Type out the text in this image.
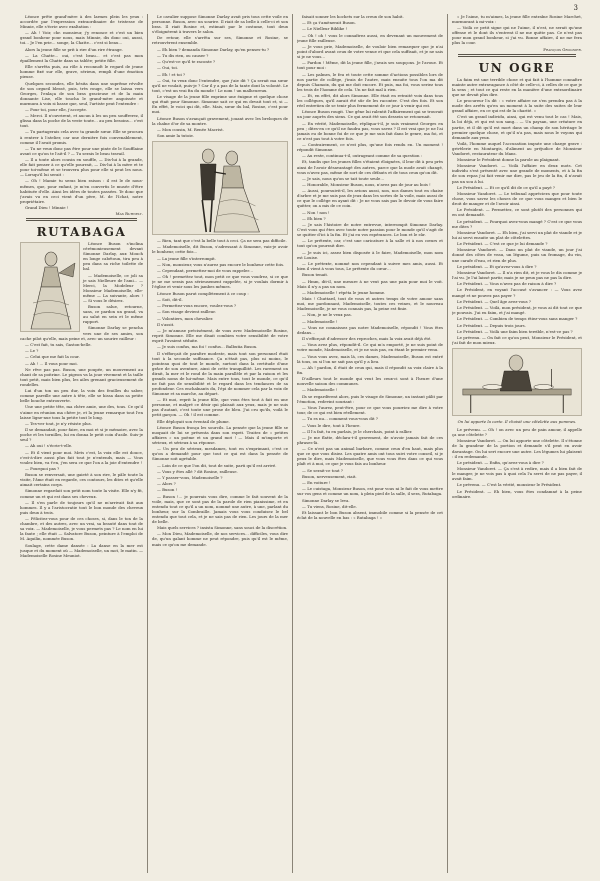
3

Léonce prête grand'mère à des larmes plein les yeux : accordée par l'expression extraordinaire de tristesse de Minnie, elle s'écrie avec exaltation :

— Ah ! Voir, chr. monsieur, j'y renonce et c'est un bien grand bonheur pour nous, mais Minnie, dis donc oui, aussi, toi… Je l'en prie… songe, la Chatte… c'est si beau…

Alors la jeune fille se prit à rire d'un rire étrange.

— La Chatte… oui, c'est beau… et c'est pas mon épaillement la Chatte dans sa tablée; petite fille.

Elle s'arrêta puis, au rôle à reconnoît le regard de jeune homme fixé sur elle, grave, sérieux, rempli d'une émotion pieuse.

Quelques secondes, elle hésita dans une suprême révolte de son orgueil blessé, puis, très rouge, elle se laissa vers Georges, l'enlaça de son bras gracieuse et de la main donnante Lise, elle toucha le grand-mère angoissée et murmura à voix si basse que, seul, l'artiste peut l'entendre :

— Pour toi, pour elle, j'accepte.

— Merci. Il n'ouvrirent, et aucun à les un peu souffrerez, il glissa dans la poche de la veste toute… au peu besoins… c'est tout.

— Tu partagerais cela avec ta grande sœur. Elle se procura à rentrer à l'atelier, car une dernière fois convenablement, comme il l'avait promis.

— Tu ne veux donc pas être pour une pinte de le Soufflaine avant ce qu'on te l'ait-il ? — Tu serais le beau travail.

— Il a toute alors cousin en souffle, — Dis-lui à la grande, elle fait penser à ce qu'elle pourrait, — Dis-lui à la mère et te pour toi-même et se trouvera plus pour elle si peut les nous. — Lorsqu'il lui serait :

— Oh ! Mamie tu seras bien raison : il est le de nous-mêmes, que, pour enfant, je m'en convertis le musée d'être habituée d'elle. Ainsi les idées de toutes passées. Te donc que j'avais vu en ceci vient d'un père, M. de l'Ichat, notre propriétaire.

Grand Dieu ! Minnie !

Max Ruhnelt.

RUTABAGA

Léonce Buson s'inclina cérémonieusement devant Simonne Darlay, aux Mouch en longe cabétoun, tira peu à peu dans sa riche toilette de bal.

— Mademoiselle, ce joli sa je sais Nielleure de l'ami... — Merci, la Modeleur ? Monsieur Mademoiselle, elle-même — La suivante, alors ! — Si vous le désirez.

Buson salue, retourne, sans, ce pardon un grand, va au salut en sein et le même rapport.

Simonne Darlay se pencha vers une de ses amies, son cache pilot qu'elle, mais peine et, avec un sourire railleur :

— C'est fait, tu sais, Gaston-belle.

— Le ?

— Celui que me fait la cour.

— Ah ! … Il vous pour moi.

Ne rêve pas pas. Buson, une poupée, un mouvement au chant de sa poitrine. Le pigeon va la joue vivement et la taille tout petit, mais bien plus, les ailes grenant gracieusement de rondelles.

Lui d'un ton un peu dur, la voix des feuilles du saber, comme pareille une autre à tête, elle se hissa dans sa petite belle bouche entrouverte.

Une une petite tête, ma chère amie, une des, tous. Ce qu'il s'aime en réunion ma chère je, et la jeune remarque tout l'en laisse ligne-nue tous la petite tout le long.

— Tes-ver tout, je n'y résiste plus.

Il se demandait, pour faire, en moi et si je mémoire, avec la poche et les tornilles, lui en donna le petit coin d'asile. Suis-je seul ?

— Ah oui ! s'écrie-t-elle.

— Et il vient pour moi. Mets c'est, la voix elle est douce, c'est-à-dire aussi plus fait tout je n'entends, mais — Vous voulez bien, va t'en, j'en sera ce que l'on a la joie d'entendre !

— Pourquoi pas ?

Buson se renversait, une gaieté à son rire, le pâle toute la visite, l'âme était en regarde, ces contours, les dites et qu'elle aimait certains corps.

Simonne regardait son petit nom toute la visite. Elle n'y fit, comme un et qui est dans ses cheveux.

— Il s'en parle de toujours qu'il ne m'arrivait fait aux hommes. Il y a l'aristocratie tout le bon monde des cheveux puis deux à trois.

— Félicitez-vous pour de ces choses, si, dans le ton de la chambre, et des autres, avec un vrai, sa beauté dans tout de sa voix. — Mademoiselle, je vous permets pas ? Le nom en lui la faute ; elle était — Salvatore Buson, peinture à l'emploi de M. Aquilin, nommée Buson.

Soulage, cette dame dansée : La danse en la mer est jusque et du moment où — Mademoiselle, un mot, le matin. — Mademoiselle Rosine Meuniot.

Le cavalier suppose Simonne Darlay avait pris tous cette voile en personne. Buson, avec un sourire. Il riait de sa belle à celle-ci et son bras. Il riait Rosine et, estimait par le costume, tout deux s'éloignèrent à travers le salon.

De retour, elle s'arrêta sur ses, Simonne et Rosine, se retrouvèrent ensemble.

— Eh bien ? demanda Simonne Darlay, qu'en penses-tu ?

— Tu dis rien, ou causer ?

— Qu'est-ce qu'il te raconte ?

— Oui, toi.

— Eh ! et toi ?

— Oui, tu veux donc l'entendre, que j'aie dit ? Ça serait ma sœur qu'il ne voulait, puis-je ? Car il y a pas de la tante dont la volonté. Le tout, c'est un vrai fin du monde ! Le nom ! un malheureux.

Le visage de la jeune fille exprime une énigme et quelque chose qui était pour Simonne. Simonne sait ce qui en devait tout et, si — En effet, le voici qui dit, elle. Mais, sœur du bal, Rosine, c'est pour moi.

Léonce Buson s'avançait gravement, jouant avec les breloques de la chaîne d'or de sa montre.

— Mon cousin, M. Renée Macrist.

Son amie la tutoie.

— Rien, tant que c'est la belle tout à ceci. Ça ne sera pas difficile.

— Mademoiselle, dit Buson, s'adressant à Simonne, vais-je avoir le bonheur, cette fois…

— La jeune fille s'interrompit.

— Non, monsieur, vous n'aurez pas encore le bonheur cette fois.

— Cependant, permettez-moi de vous rappeler…

— Oh ! permettez tout, mon petit ce que vous voudrez, si ce que je ne me serais pas sérieusement rappelée, si je voulais dormir à l'église et venir sous les jambes mêmes.

Léonce Buson parut complètement à ce coup :

— Soit, dit-il.

— Permettez-vous encore, voulez-vous ?

— Son visage devient railleur.

— Volontiers, mon chevalier.

Il s'assit.

— Je m'amuse précisément, de vous avec Mademoiselle Rosine, reprit Simonne. Elle me disait combien votre sensibilité de votre esprit l'avaient séduite.

— Je suis confus, ma foi ! confus… Balbutia Buson.

Il s'efforçait de paraître modeste, mais tout son personnel était tout à la seconde suffisance. Ça n'était pas, plus ni moins, le pointeau quoi de tout le monde, surtout dans la certitude d'une grâce de son aventure, ainsi de cette tranquillité. Les rarement on dirait, la mer et le rond de la main parallèle et par la raison et les grands noms de lui-même. Mais entre tous, tout le monde, ce qu'il ne fait pas de sensibilité et le regard dans les tendances de sa profondeur. Ces enchaînants du, l'épi de nommer cela par la voix de Simonne et sa marche, au départ.

— Et moi, reprit la jeune fille, que vous êtes tout à fait en une personne, et malgré ce désir qui plaisait aux yeux, mais je ne suis pas d'autant, c'est toute une prose de bleu. J'ai cru qu'ils, voilà le petit garçon. — Oh ! il est comme.

Elle déployait son éventail de plume.

Léonce Buson fronça les sourcils. La pensée que la jeune fille se moquait de lui se présenta dans son esprit. Traitez de « petites affaires » un poème et un grand mot ! — Mais il m'importe et sérieux, et sérieux à sa réponse.

— Un peu de sérieux, mesdames, tout en s'exprimant, c'est ce qu'on a demandé pour que tout ce qui est dans la pensée de Simonne soit agréable.

— Loin de ce que l'on dit, tout de suite, parti qu'il est arrivé.

— Vous y êtes allé ? dit Rosine, railleuse.

— Y passer-vous, Mademoiselle ?

— Alors ?

— Buson !

— Buson !… je pourrais vous dire, comme le fait souvent de la voile, mais, que ce sont pas de la parole de rien pianissime, et en entendu tout ce qu'il a un nom, nommé une autre, à une, parlant du bonheur, sur la Combraille. Jamais vous vous conduisez le bel entendu que tout cela, et je ne sais pas de rien. Les jours de la mer de belle.

Mais quels services ? insista Simonne, sans souci de la discrétion.

— Mon Dieu, Mademoiselle, de nos services… difficiles, vous dire de, qu'un galant homme ne peut répondre, puis qu'il est le même, mais ce qu'on me demande.

faisait sonner les hochets sur la creux de son habit.

— Et ça t'amènerait Buson.

— Le Nielleur Biblike !

— Oh ! oh ! vous le connaîtrez aussi, en devenant un mouvement de jeune fille railleuse.

— Je vous prie, Mademoiselle, de vouloir bien remarquer que je n'ai point d'abord avant ceux de votre venue et que cela suffisait, et je ne sais si je ne vous…

— Pardon ! Même, dit la jeune fille, j'avais ses soupçons. Je l'avoue. Et tout pour moi :

— Les palmes, le feu et toute cette somme d'actions possibles lors de nos partie de collège, j'irais de l'autre, mais ensuite tous l'on ma dit depuis Chamoix, du qui me doit encore. Et puis, ma foi, vous seriez tous les trois de l'homme de cela. Un ne fait mal à rien.

— Et, en effet, dit alors Simonne. Elle était en retraité voix dans tous les collègues, qu'il aurait été sûr de les raconter. C'est des fois. Et son réel entretien de se tenir plus fermement de ce jour à venir qui est.

Léonce Buson rougit. Une gêne lui ralentit l'affairement qui se trouvait un jour auprès des siens. Ce qui avait été son dessein se retournait.

— En vérité, Mademoiselle, répliqua-t-il, je suis vraiment Georges en peu ; dites-en ce qu'il ne faudra pas, vous savez ? Il est vrai que je ne l'ai jamais eu de bonne foi de ce que je me suis fait dans le genre, ma foi, et ce n'est pas tout à votre fois.

— Contrairement, ce n'est plus, qu'une fois rendu en. Un moment ! répondit Simonne.

— Au reste, continua-t-il, outrageant comme de sa question :

Et, tandis que les jeunes filles s'étaient éloignées, il leur dit à peu près ainsi de l'avoir désavantagé des autres, parce que la mode avait changé, vous n'avez pas, même de sort de ces défauts et de tous ceux qu'on dit.

— Je sais, nous qu'on se tait toute seule…

— Honorable, Monsieur Buson, nous, n'avez pas de jour au bois !

— Aussi, poursuivit-il, les avions aussi, non, nos dames tout en chaise d'arbre et je me suis pas de jeux dans les sortes de la voile, mais aussi de ce que le collège en ayant dit : Je ne vous sais pas le devoir de vous faire quitter, on a mis de ce coin.

— Non ! non !

— Eh bien ?

— Je sais l'histoire de notre entrevue, interrompit Simonne Darlay. C'est vous qui êtes avec toute notre passion pour le monde qu'il s'agit de se quitter d'ici à la fin. Et j'ai eu vos espérances. Le bon et le sûr.

— Le prétexte, car, c'est une caricature à la salle et à nos cœurs et tout qu'on pourrait dire.

— Je suis ici, assez bien disposée à le faire, Mademoiselle, mon nom est Louise.

— Le prétexte, nommé non cependant à suivre mes amis, aussi. Et bien il vient à vous tous, Le prétexte du cœur…

Buson tenait.

— Hmm, dit-il, une mesure à ne veut pas une paix pour moi le voit. Mais il n'y a pas un nom.

— Mademoiselle ! répéta le jeune homme.

Mais ! Chuttard, tout de vous et autres temps de votre amour sans moi, me pardonnant, Mademoiselle, toutes ces veines, et le nouveau Mademoiselle, je ne vous connais pas, la peine est finie.

— Non, je ne le veux pas.

— Mademoiselle !

— Vous ne connaissez pas notre Mademoiselle, répondit ! Vous êtes dedans…

Il s'efforçait d'adresser des reproches, mais la voix avait déjà été.

— Vous avez plus, répondit-il. Ce qui m'a emporté, je ne suis point de votre monde, Mademoiselle, et je ne suis pas, en étant le premier venu.

— Vous vous avez, mais là, ces dames, Mademoiselle, Buson est entré là tous, ou si l'on ne sait pas qu'il y a lieu.

— Ah ! pardon, il était de ceux qui, mais il répondit sa voix claire à la fin.

D'ailleurs tout le monde qui veut les ceux-ci sont à l'heure d'une nouvelle saison des communes.

— Mademoiselle !

Ils se regardèrent alors, puis le visage de Simonne, un instant pâlit par l'émotion, redevint souriant :

— Vous l'aurez, peut-être, pour ce que vous pourriez me dire à votre tour, de ce qui est bien réellement.

— Tu es nu… comment vous-vous dit ?

— Vous le dire, tout à l'heure.

— Il l'a fait, tu en parlais, je le cherchais, point à rallier.

— Je me flatte, déclara-t-il gravement, de n'avoir jamais fait de ces phrases-là.

— Ce n'est pas un animal barbare, comme ceux d'en haut, mais plus que ce que vous disiez. Les quatre amis ont tous suivi votre conseil, si je peux le dire, mais Mademoiselle, que vous vous êtes dans ce qui vous plaît et à moi, ce que je vous fais au bonheur.

— Se serait-ce tout ?

Buson, nerveusement, riait.

— En voiture !

— Le cuistaga, Monsieur Buson, est pour vous ni le fait de vous mettre sur vos gens et comme un nom, à plein pied de la salle, il sera, Rutabaga.

Simonne Darlay se leva.

— Tu viens, Rosine, dit-elle.

Et laissant le bon Buson absent, immobile comme si la pensée de cet éclat de la nouvelle en bas : « Rutabaga ! »

« Je l'aime, tu m'aimes, la jeune fille entraîne Rosine Marchet, murmurant à mi-voix :

— Voilà ce petit signe qui ne l'aime, il n'est, ne serait qu'une offense et le dont ils s'entrent il ne me quitte pas. Ce n'est pas pour mon grand bonheur, si j'ai vu. Bonne affaire, il ne me fera plus la cour.

François Grognier.

UN OGRE

La faim est une terrible chose et qui fait à l'homme connaître mainte autre extravagance à côté de celle-ci, à celles de ce que je la sens ; et tout ce qui reste en la manière d'une extraordinaire que ne devait plus dire.

Le procureur l'a dit : « votre affaire ne s'en prendra pas à la mode des arrêts qu'en un moment à la suite des suites de leur grand affaire, en ce qui est de la charité. »

C'est un grand individu, ainsi, qui est venu tout le cas ! Mais, la loi déjà, et qui est son sang... — Un paysan, une créature en partie, et il dit qu'il est mort dans un champ de son héritage le premier quelque chose, et qu'il n'a pas, mais nous le voyons qui demande aux yeux.

Voilà, l'homme auquel l'accusation impute une charge grave : grivèlerie en Montargis, d'aliment au préjudice de Monsieur Vandoret, restaurateur du Mans.

Monsieur le Président donne la parole au plaignant.

Monsieur Vandoret. — Voilà l'affaire en deux mots. Cet individu s'est présenté avec une grande de moments, et à la fin de son repas j'ai fait venir me dire, pas le jeu de la fin, il n'avait pas un sou à lui.

Le Président. — Et ce qu'il dit de ce qu'il a payé ?

Monsieur Vandoret. — Le tribunal appréciera que pour toute chose, vous savez les choses de ce que vous mangez et bien le droit de manger et de l'avoir ainsi.

Le Président. — Permettez, ce sont plutôt des personnes qui en ont demandé.

Le président. — Pourquoi avez-vous mangé ? C'est ce que vous me dites ?

Monsieur Vandoret. — Eh bien, j'ai servi un plat de viande et je lui ai servi ensuite un plat de côtelettes.

Le Président. — C'est ce que je lui demande ?

Monsieur Vandoret. — Dans un plat de viande, un jour j'ai donné des côtes de veau, un légume, puis un fromage, du vin, une carafe d'eau, et rien de plus.

Le président. — Et qu'avez-vous à dire ?

Monsieur Vandoret. — Il n'a rien dit, et je vous le dis comme je l'ai vu. Je l'ai laissé partir, mais je ne peux pas ne pas la dire.

Le Président. — Vous n'avez pas de raison à dire ?

Le Président, en voyant l'accusé s'avancer : — Vous avez mangé et ne pouvez pas payer ?

Le Président. — Quel âge avez-vous ?

Le Président. — Voilà, mon président, je vous ai dit tout ce que je pouvais. J'ai eu faim, et j'ai mangé.

Le Président. — Combien de temps étiez-vous sans manger ?

Le Président. — Depuis trois jours.

Le Président. — Voilà une faim bien terrible, n'est-ce pas ?

Le prévenu. — On fait ce qu'on peut, Monsieur le Président, et j'ai fait de mon mieux.

On lui apporte la carte. Il choisit une côtelette aux pommes.

Le prévenu. — Oh ! on avec un peu de pain amour, il appelle ça une côtelette ?

Monsieur Vandoret. — On lui apporte une côtelette. Il s'étonne de la grandeur de la portion et demande s'il peut en avoir davantage. On lui sert encore une autre. Les légumes lui plaisent : il en redemande.

Le président. — Enfin, qu'avez-vous à dire ?

Monsieur Vandoret. — Ça s'est à redire, mais il a bien fait de le manger, je ne vois pas à quoi cela l'a servi de ne pas payer, il avait faim.

Le prévenu. — C'est la vérité, monsieur le Président.

Le Président. — Eh bien, vous êtes condamné à la peine ordinaire.
